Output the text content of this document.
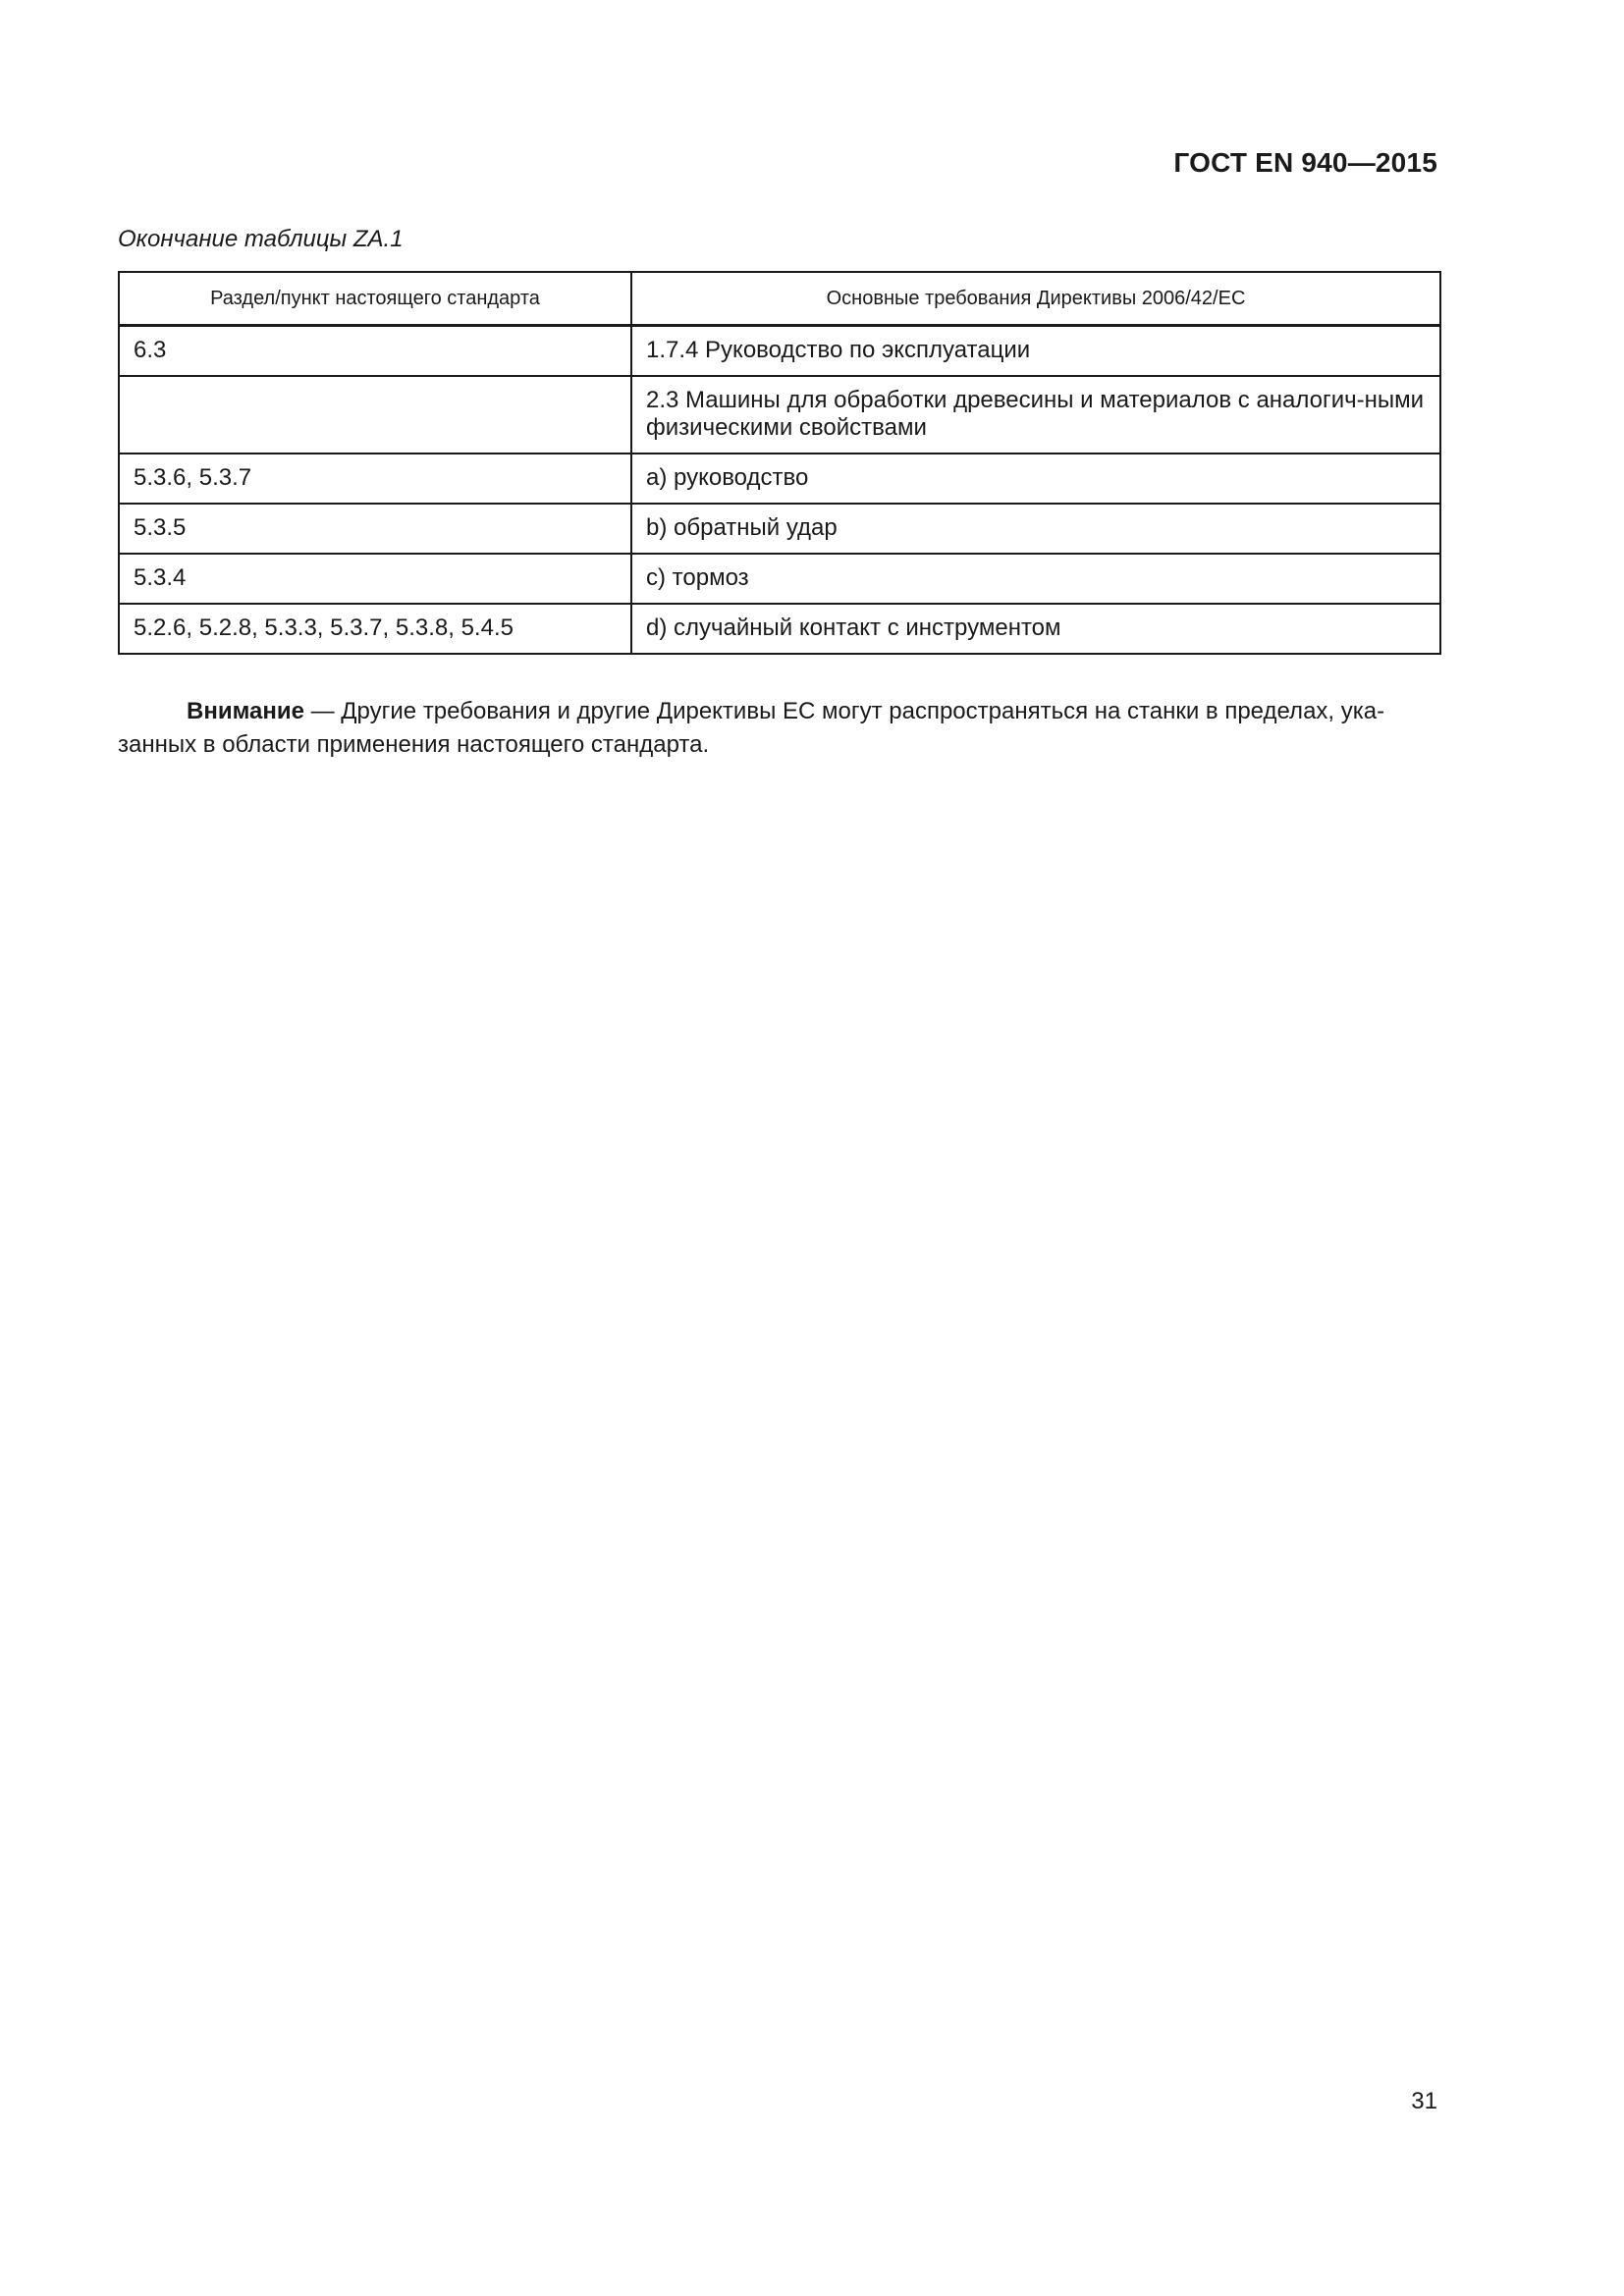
ГОСТ EN 940—2015
Окончание таблицы ZA.1
Раздел/пункт настоящего стандарта	Основные требования Директивы 2006/42/ЕС
6.3	1.7.4 Руководство по эксплуатации
	2.3 Машины для обработки древесины и материалов с аналогич-ными физическими свойствами
5.3.6, 5.3.7	а) руководство
5.3.5	b) обратный удар
5.3.4	c) тормоз
5.2.6, 5.2.8, 5.3.3, 5.3.7, 5.3.8, 5.4.5	d) случайный контакт с инструментом

Внимание — Другие требования и другие Директивы ЕС могут распространяться на станки в пределах, ука-занных в области применения настоящего стандарта.

31
